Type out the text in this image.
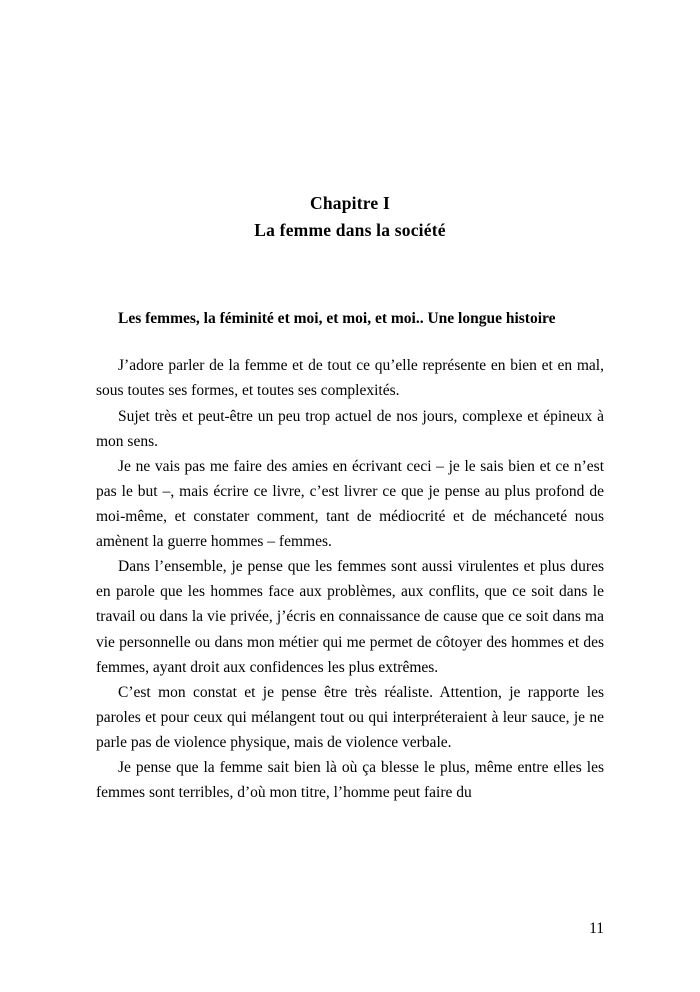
Chapitre I
La femme dans la société
Les femmes, la féminité et moi, et moi, et moi.. Une longue histoire

J’adore parler de la femme et de tout ce qu’elle représente en bien et en mal, sous toutes ses formes, et toutes ses complexités.

Sujet très et peut-être un peu trop actuel de nos jours, complexe et épineux à mon sens.

Je ne vais pas me faire des amies en écrivant ceci – je le sais bien et ce n’est pas le but –, mais écrire ce livre, c’est livrer ce que je pense au plus profond de moi-même, et constater comment, tant de médiocrité et de méchanceté nous amènent la guerre hommes – femmes.

Dans l’ensemble, je pense que les femmes sont aussi virulentes et plus dures en parole que les hommes face aux problèmes, aux conflits, que ce soit dans le travail ou dans la vie privée, j’écris en connaissance de cause que ce soit dans ma vie personnelle ou dans mon métier qui me permet de côtoyer des hommes et des femmes, ayant droit aux confidences les plus extrêmes.

C’est mon constat et je pense être très réaliste. Attention, je rapporte les paroles et pour ceux qui mélangent tout ou qui interpréteraient à leur sauce, je ne parle pas de violence physique, mais de violence verbale.

Je pense que la femme sait bien là où ça blesse le plus, même entre elles les femmes sont terribles, d’où mon titre, l’homme peut faire du

11
